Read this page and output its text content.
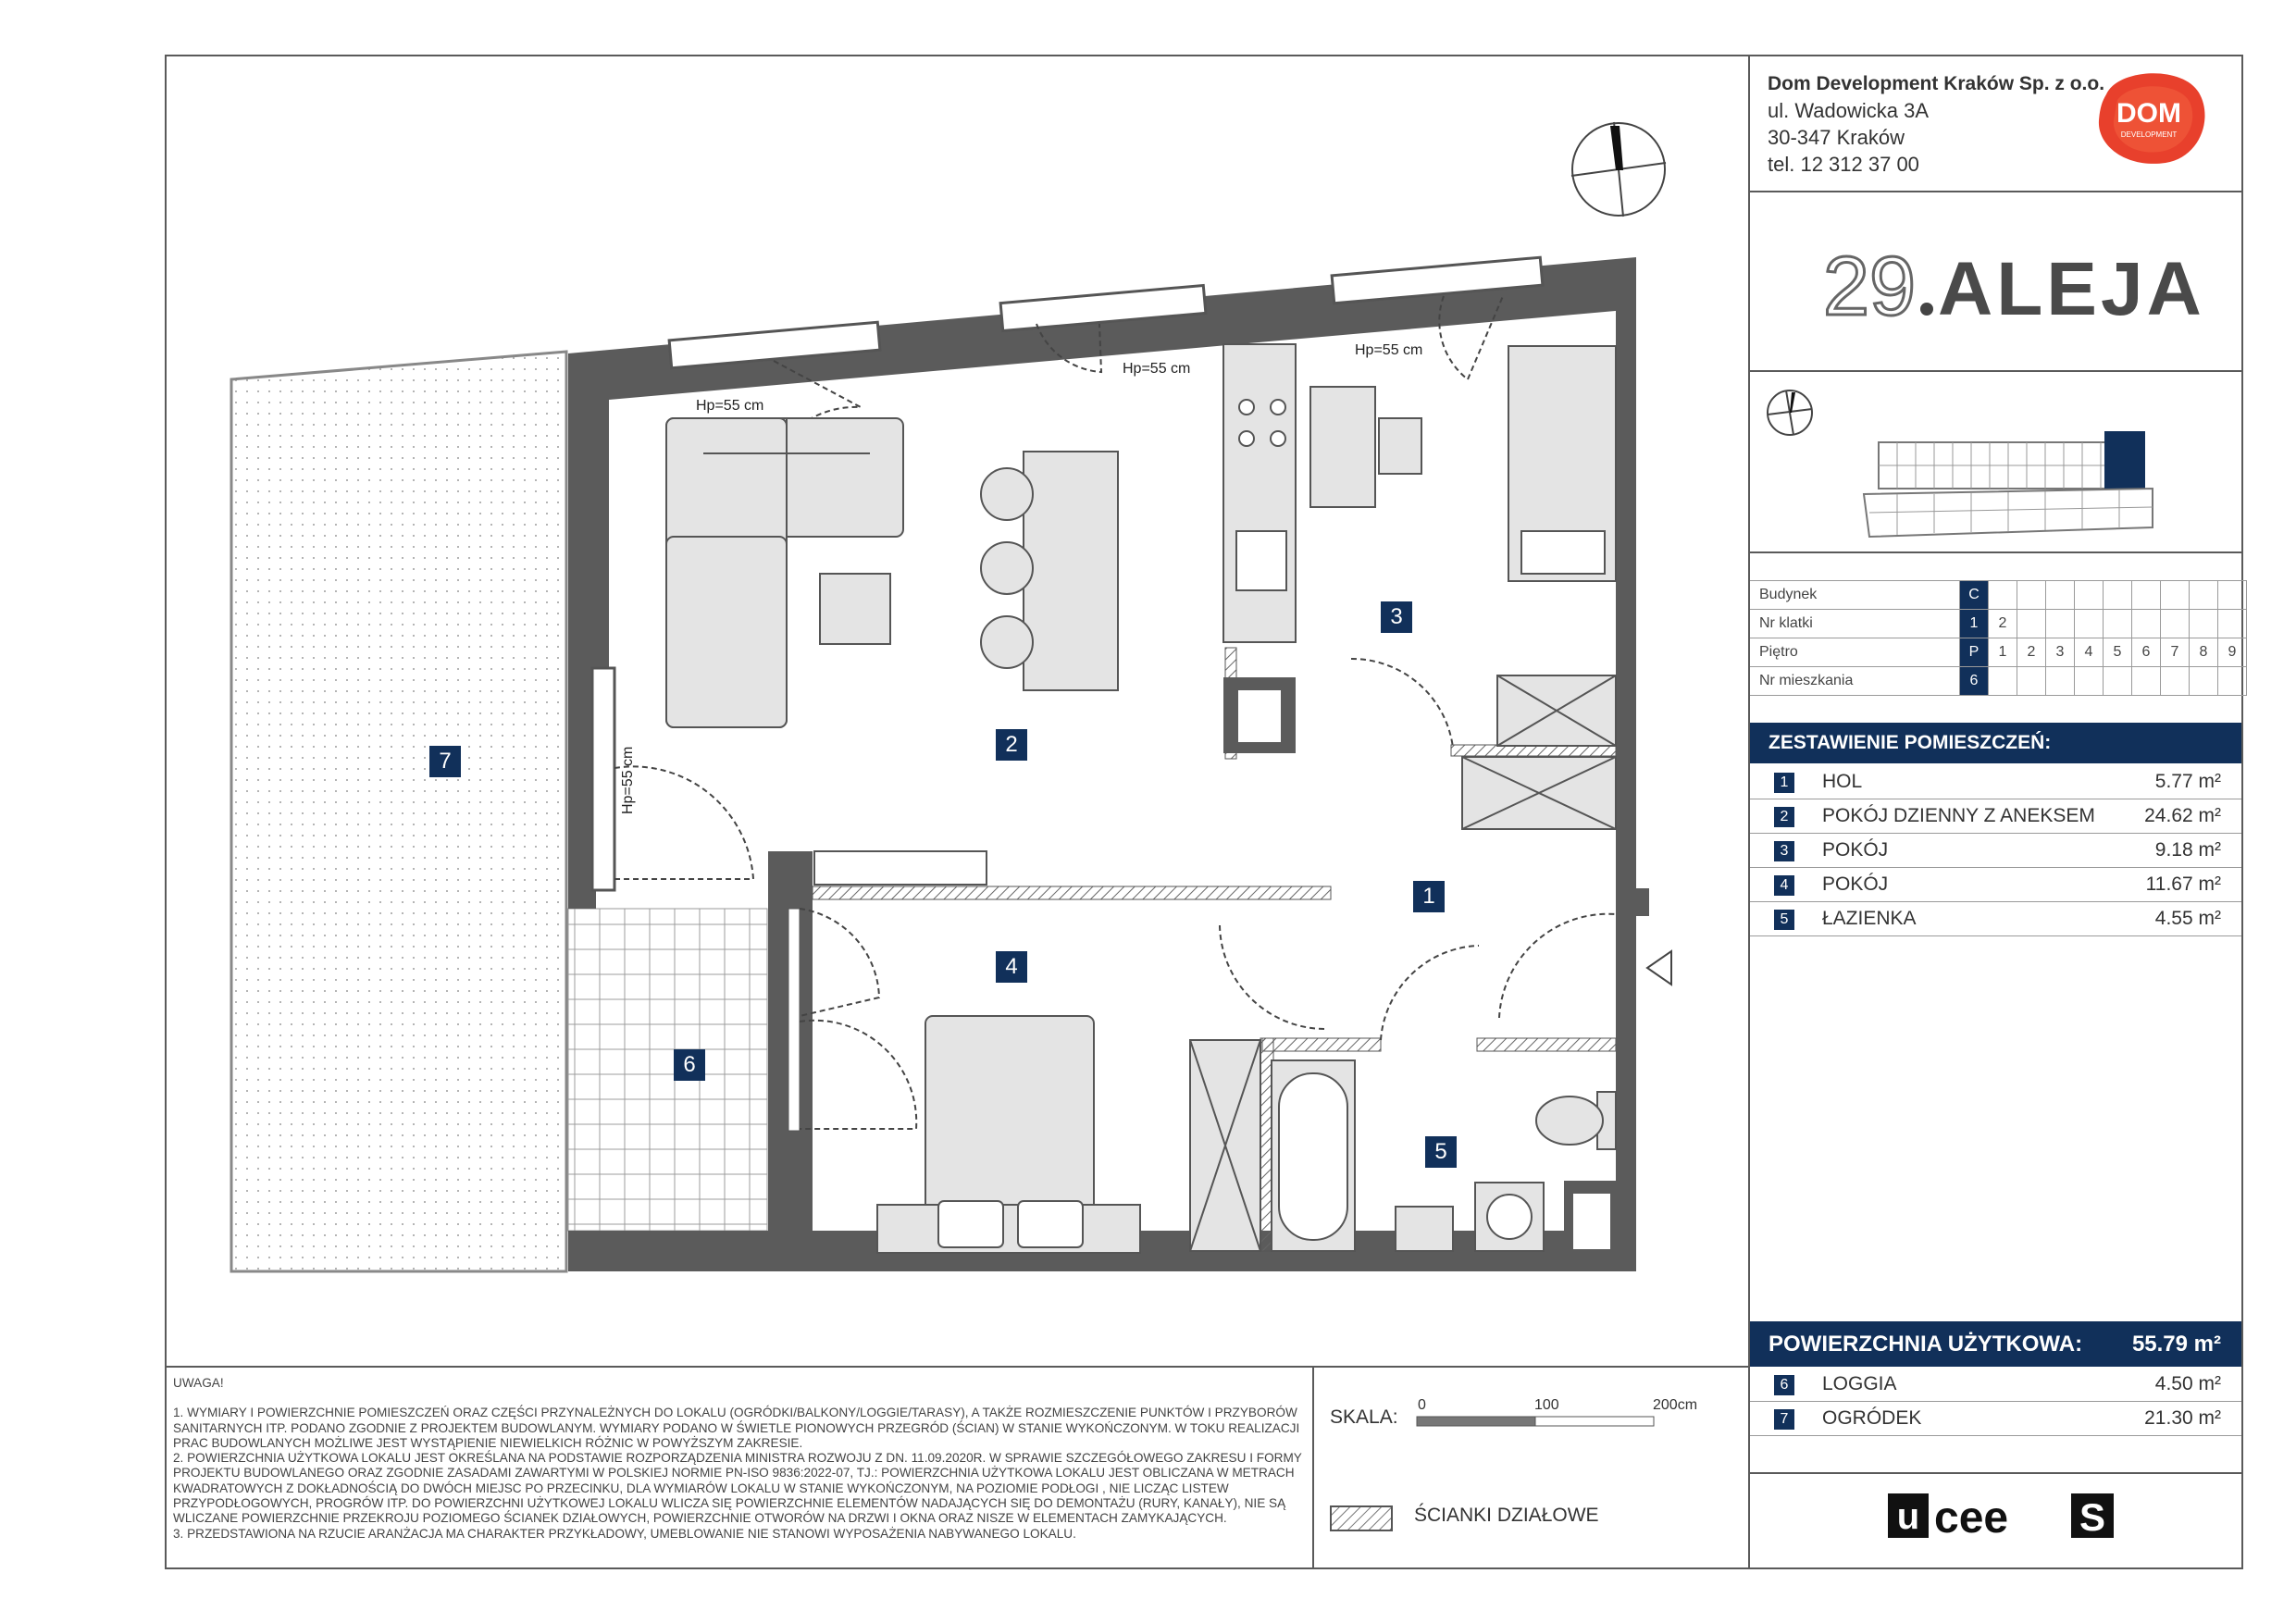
Hp=55 cm
Hp=55 cm
Hp=55 cm
Hp=55 cm
1
2
3
4
5
6
7
Dom Development Kraków Sp. z o.o.
ul. Wadowicka 3A
30-347 Kraków
tel. 12 312 37 00
DOM
DEVELOPMENT
29 ALEJA
Budynek	C									
Nr klatki	1	2								
Piętro	P	1	2	3	4	5	6	7	8	9
Nr mieszkania	6									
ZESTAWIENIE POMIESZCZEŃ:
1	HOL	5.77 m²
2	POKÓJ DZIENNY Z ANEKSEM	24.62 m²
3	POKÓJ	9.18 m²
4	POKÓJ	11.67 m²
5	ŁAZIENKA	4.55 m²
POWIERZCHNIA UŻYTKOWA: 55.79 m²
6	LOGGIA	4.50 m²
7	OGRÓDEK	21.30 m²

UWAGA!

1. WYMIARY I POWIERZCHNIE POMIESZCZEŃ ORAZ CZĘŚCI PRZYNALEŻNYCH DO LOKALU (OGRÓDKI/BALKONY/LOGGIE/TARASY), A TAKŻE ROZMIESZCZENIE PUNKTÓW I PRZYBORÓW SANITARNYCH ITP. PODANO ZGODNIE Z PROJEKTEM BUDOWLANYM. WYMIARY PODANO W ŚWIETLE PIONOWYCH PRZEGRÓD (ŚCIAN) W STANIE WYKOŃCZONYM. W TOKU REALIZACJI PRAC BUDOWLANYCH MOŻLIWE JEST WYSTĄPIENIE NIEWIELKICH RÓŻNIC W POWYŻSZYM ZAKRESIE.

2. POWIERZCHNIA UŻYTKOWA LOKALU JEST OKREŚLANA NA PODSTAWIE ROZPORZĄDZENIA MINISTRA ROZWOJU Z DN. 11.09.2020R. W SPRAWIE SZCZEGÓŁOWEGO ZAKRESU I FORMY PROJEKTU BUDOWLANEGO ORAZ ZGODNIE ZASADAMI ZAWARTYMI W POLSKIEJ NORMIE PN-ISO 9836:2022-07, TJ.: POWIERZCHNIA UŻYTKOWA LOKALU JEST OBLICZANA W METRACH KWADRATOWYCH Z DOKŁADNOŚCIĄ DO DWÓCH MIEJSC PO PRZECINKU, DLA WYMIARÓW LOKALU W STANIE WYKOŃCZONYM, NA POZIOMIE PODŁOGI , NIE LICZĄC LISTEW PRZYPODŁOGOWYCH, PROGRÓW ITP. DO POWIERZCHNI UŻYTKOWEJ LOKALU WLICZA SIĘ POWIERZCHNIE ELEMENTÓW NADAJĄCYCH SIĘ DO DEMONTAŻU (RURY, KANAŁY), NIE SĄ WLICZANE POWIERZCHNIE PRZEKROJU POZIOMEGO ŚCIANEK DZIAŁOWYCH, POWIERZCHNIE OTWORÓW NA DRZWI I OKNA ORAZ NISZE W ELEMENTACH ZAMYKAJĄCYCH.

3. PRZEDSTAWIONA NA RZUCIE ARANŻACJA MA CHARAKTER PRZYKŁADOWY, UMEBLOWANIE NIE STANOWI WYPOSAŻENIA NABYWANEGO LOKALU.

SKALA:
0	100	200cm
ŚCIANKI DZIAŁOWE	u cee S
